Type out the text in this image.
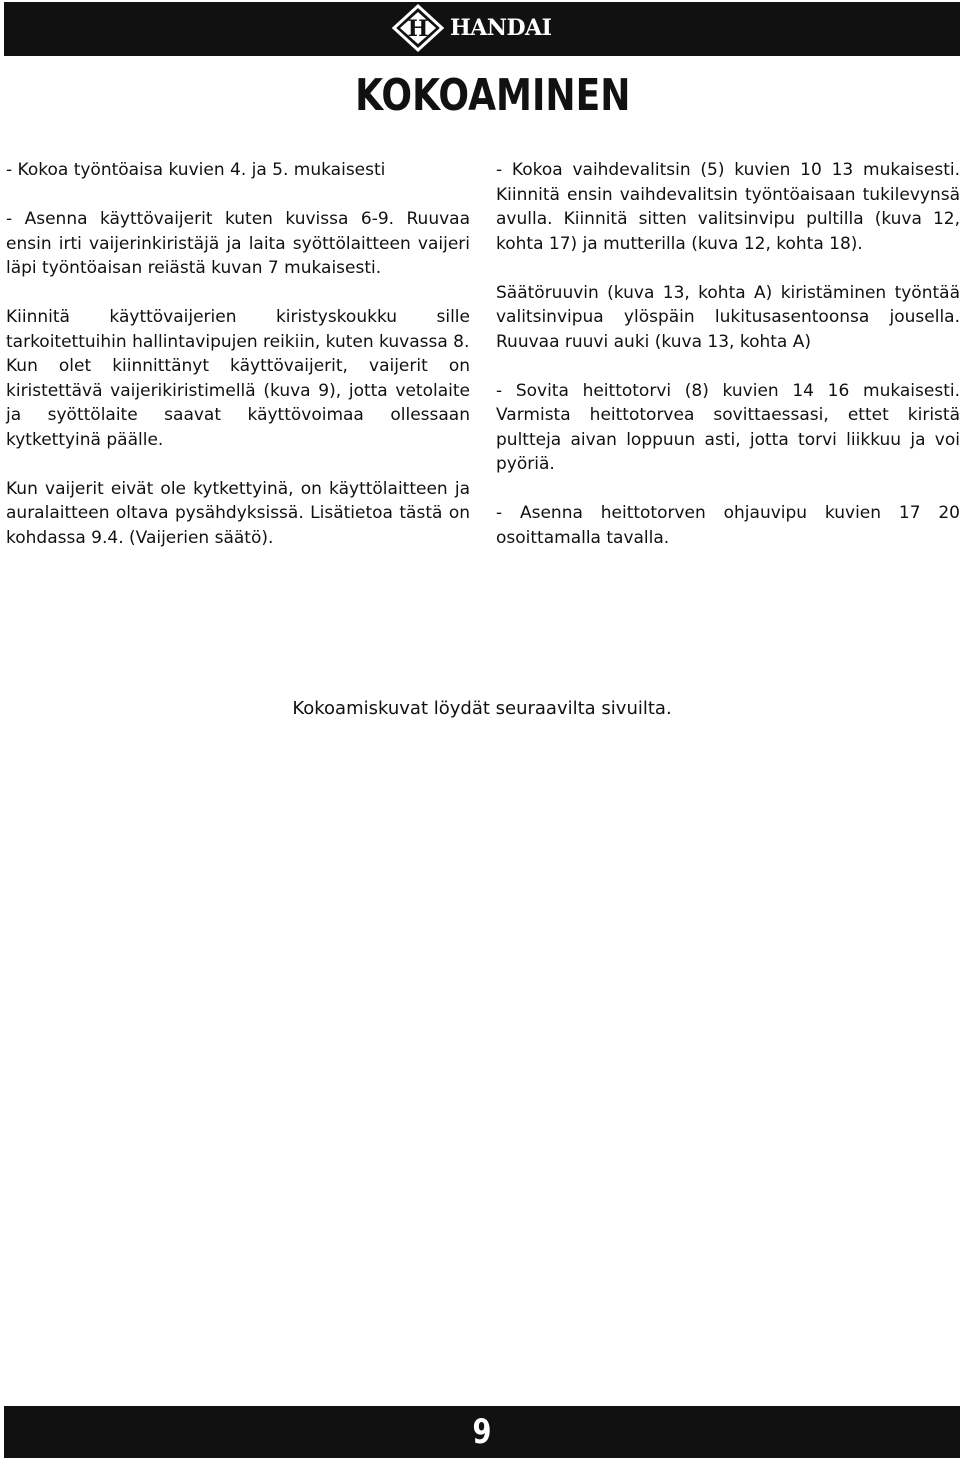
H HANDAI
KOKOAMINEN

- Kokoa työntöaisa kuvien 4. ja 5. mukaisesti

- Asenna käyttövaijerit kuten kuvissa 6-9. Ruuvaa ensin irti vaijerinkiristäjä ja laita syöttölaitteen vaijeri läpi työntöaisan reiästä kuvan 7 mukaisesti.

Kiinnitä käyttövaijerien kiristyskoukku sille tarkoitettuihin hallintavipujen reikiin, kuten kuvassa 8.

Kun olet kiinnittänyt käyttövaijerit, vaijerit on kiristettävä vaijerikiristimellä (kuva 9), jotta vetolaite ja syöttölaite saavat käyttövoimaa ollessaan kytkettyinä päälle.

Kun vaijerit eivät ole kytkettyinä, on käyttölaitteen ja auralaitteen oltava pysähdyksissä. Lisätietoa tästä on kohdassa 9.4. (Vaijerien säätö).

- Kokoa vaihdevalitsin (5) kuvien 10 13 mukaisesti. Kiinnitä ensin vaihdevalitsin työntöaisaan tukilevynsä avulla. Kiinnitä sitten valitsinvipu pultilla (kuva 12, kohta 17) ja mutterilla (kuva 12, kohta 18).

Säätöruuvin (kuva 13, kohta A) kiristäminen työntää valitsinvipua ylöspäin lukitusasentoonsa jousella. Ruuvaa ruuvi auki (kuva 13, kohta A)

- Sovita heittotorvi (8) kuvien 14 16 mukaisesti. Varmista heittotorvea sovittaessasi, ettet kiristä pultteja aivan loppuun asti, jotta torvi liikkuu ja voi pyöriä.

- Asenna heittotorven ohjauvipu kuvien 17 20 osoittamalla tavalla.

Kokoamiskuvat löydät seuraavilta sivuilta.
9
